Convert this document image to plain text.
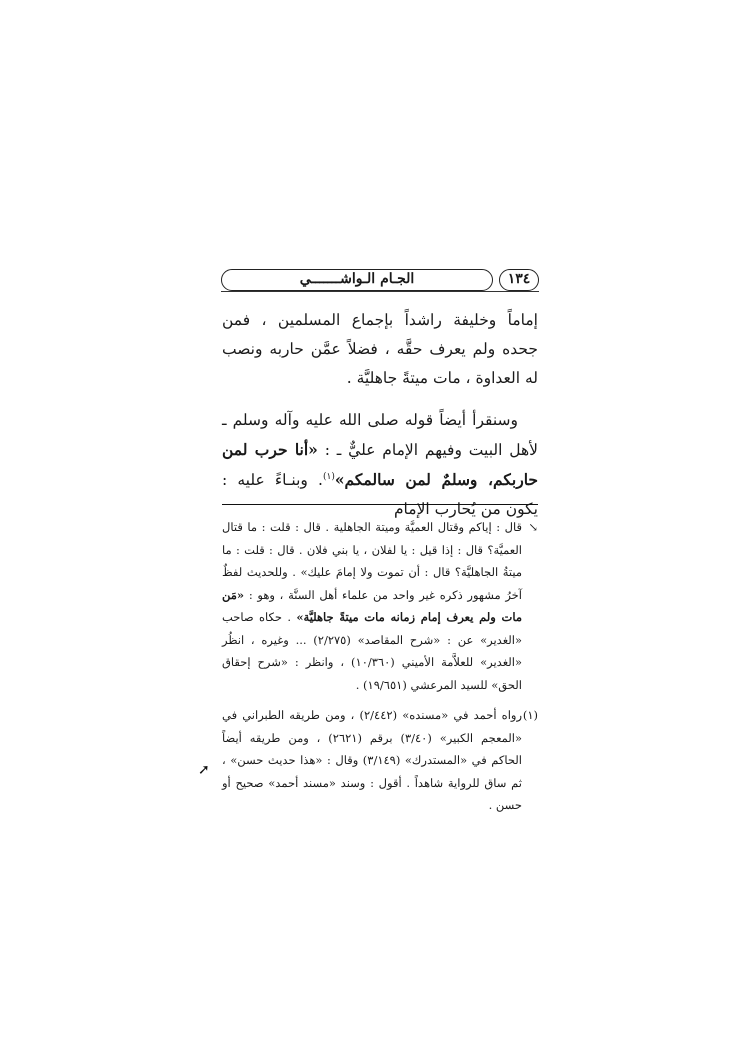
١٣٤
الجـام الـواشـــــــي

إماماً وخليفة راشداً بإجماع المسلمين ، فمن جحده ولم يعرف حقَّه ، فضلاً عمَّن حاربه ونصب له العداوة ، مات ميتةً جاهليَّة .

وسنقرأ أيضاً قوله صلى الله عليه وآله وسلم ـ لأهل البيت وفيهم الإمام عليٌّ ـ : «أنا حرب لمن حاربكم، وسلمٌ لمن سالمكم»$^{(١)}$. وبنـاءً عليه : يكون من يُحارب الإمام

↘
قال : إياكم وقتال العميَّة وميتة الجاهلية . قال : قلت : ما قتال العميَّة؟ قال : إذا قيل : يا لفلان ، يا بني فلان . قال : قلت : ما ميتةُ الجاهليَّة؟ قال : أن تموت ولا إمامَ عليك» . وللحديث لفظٌ آخرُ مشهور ذكره غير واحد من علماء أهل السنَّة ، وهو : «مَن مات ولم يعرف إمام زمانه مات ميتةً جاهليَّة» . حكاه صاحب «الغدير» عن : «شرح المقاصد» (٢/٢٧٥) ... وغيره ، انظُر «الغدير» للعلاَّمة الأميني (١٠/٣٦٠) ، وانظر : «شرح إحقاق الحق» للسيد المرعشي (١٩/٦٥١) .
(١)
رواه أحمد في «مسنده» (٢/٤٤٢) ، ومن طريقه الطبراني في «المعجم الكبير» (٣/٤٠) برقم (٢٦٢١) ، ومن طريقه أيضاً الحاكم في «المستدرك» (٣/١٤٩) وقال : «هذا حديث حسن» ، ثم ساق للرواية شاهداً . أقول : وسند «مسند أحمد» صحيح أو حسن .
➚
